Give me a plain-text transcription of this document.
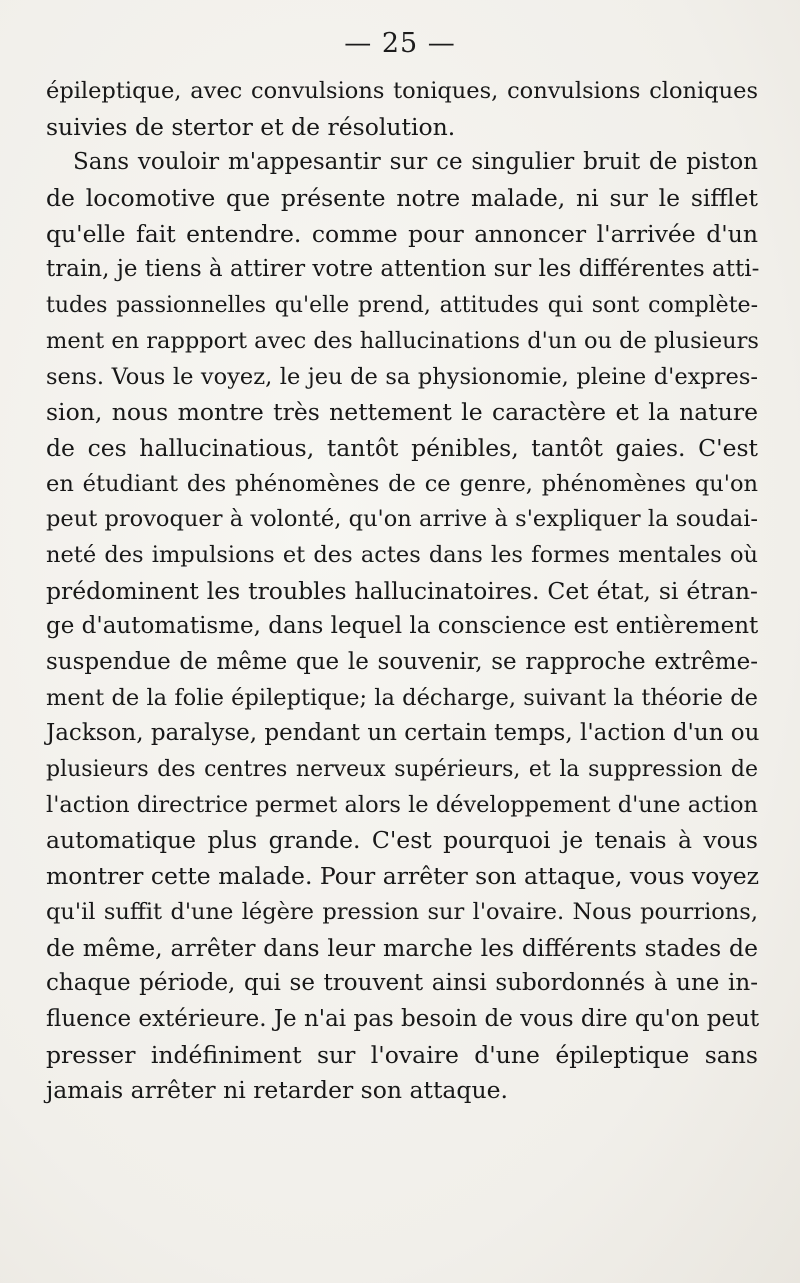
— 25 —
épileptique, avec convulsions toniques, convulsions cloniques
suivies de stertor et de résolution.
Sans vouloir m'appesantir sur ce singulier bruit de piston
de locomotive que présente notre malade, ni sur le sifflet
qu'elle fait entendre. comme pour annoncer l'arrivée d'un
train, je tiens à attirer votre attention sur les différentes atti-
tudes passionnelles qu'elle prend, attitudes qui sont complète-
ment en rappport avec des hallucinations d'un ou de plusieurs
sens. Vous le voyez, le jeu de sa physionomie, pleine d'expres-
sion, nous montre très nettement le caractère et la nature
de ces hallucinatious, tantôt pénibles, tantôt gaies. C'est
en étudiant des phénomènes de ce genre, phénomènes qu'on
peut provoquer à volonté, qu'on arrive à s'expliquer la soudai-
neté des impulsions et des actes dans les formes mentales où
prédominent les troubles hallucinatoires. Cet état, si étran-
ge d'automatisme, dans lequel la conscience est entièrement
suspendue de même que le souvenir, se rapproche extrême-
ment de la folie épileptique; la décharge, suivant la théorie de
Jackson, paralyse, pendant un certain temps, l'action d'un ou
plusieurs des centres nerveux supérieurs, et la suppression de
l'action directrice permet alors le développement d'une action
automatique plus grande. C'est pourquoi je tenais à vous
montrer cette malade. Pour arrêter son attaque, vous voyez
qu'il suffit d'une légère pression sur l'ovaire. Nous pourrions,
de même, arrêter dans leur marche les différents stades de
chaque période, qui se trouvent ainsi subordonnés à une in-
fluence extérieure. Je n'ai pas besoin de vous dire qu'on peut
presser indéfiniment sur l'ovaire d'une épileptique sans
jamais arrêter ni retarder son attaque.
